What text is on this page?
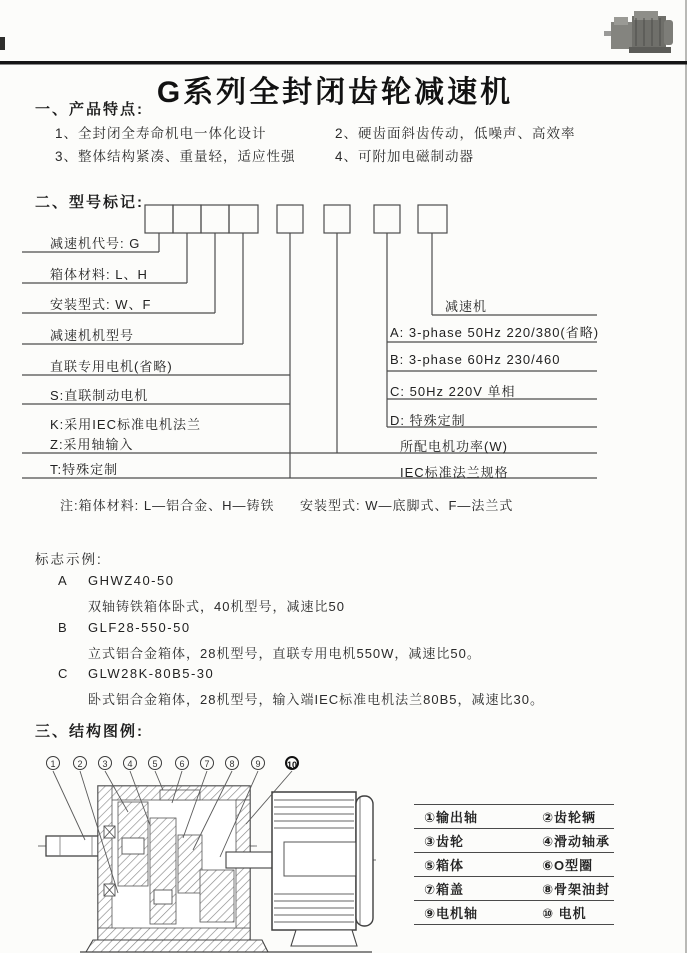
G系列全封闭齿轮减速机
一、产品特点:
1、全封闭全寿命机电一体化设计	2、硬齿面斜齿传动，低噪声、高效率
3、整体结构紧凑、重量轻，适应性强	4、可附加电磁制动器
二、型号标记:
减速机代号: G
箱体材料: L、H
安装型式: W、F
减速机机型号
直联专用电机(省略)
S:直联制动电机
K:采用IEC标准电机法兰
Z:采用轴输入
T:特殊定制
减速机
A: 3-phase 50Hz 220/380(省略)
B: 3-phase 60Hz 230/460
C: 50Hz 220V 单相
D: 特殊定制
所配电机功率(W)
IEC标准法兰规格
注:箱体材料: L—铝合金、H—铸铁 安装型式: W—底脚式、F—法兰式
标志示例:
A GHWZ40-50
双轴铸铁箱体卧式，40机型号，减速比50
B GLF28-550-50
立式铝合金箱体，28机型号，直联专用电机550W，减速比50。
C GLW28K-80B5-30
卧式铝合金箱体，28机型号，输入端IEC标准电机法兰80B5，减速比30。
三、结构图例:
1	2	3	4	5	6	7	8	9	10
①输出轴	②齿轮辆
③齿轮	④滑动轴承
⑤箱体	⑥O型圈
⑦箱盖	⑧骨架油封
⑨电机轴	⑩ 电机
